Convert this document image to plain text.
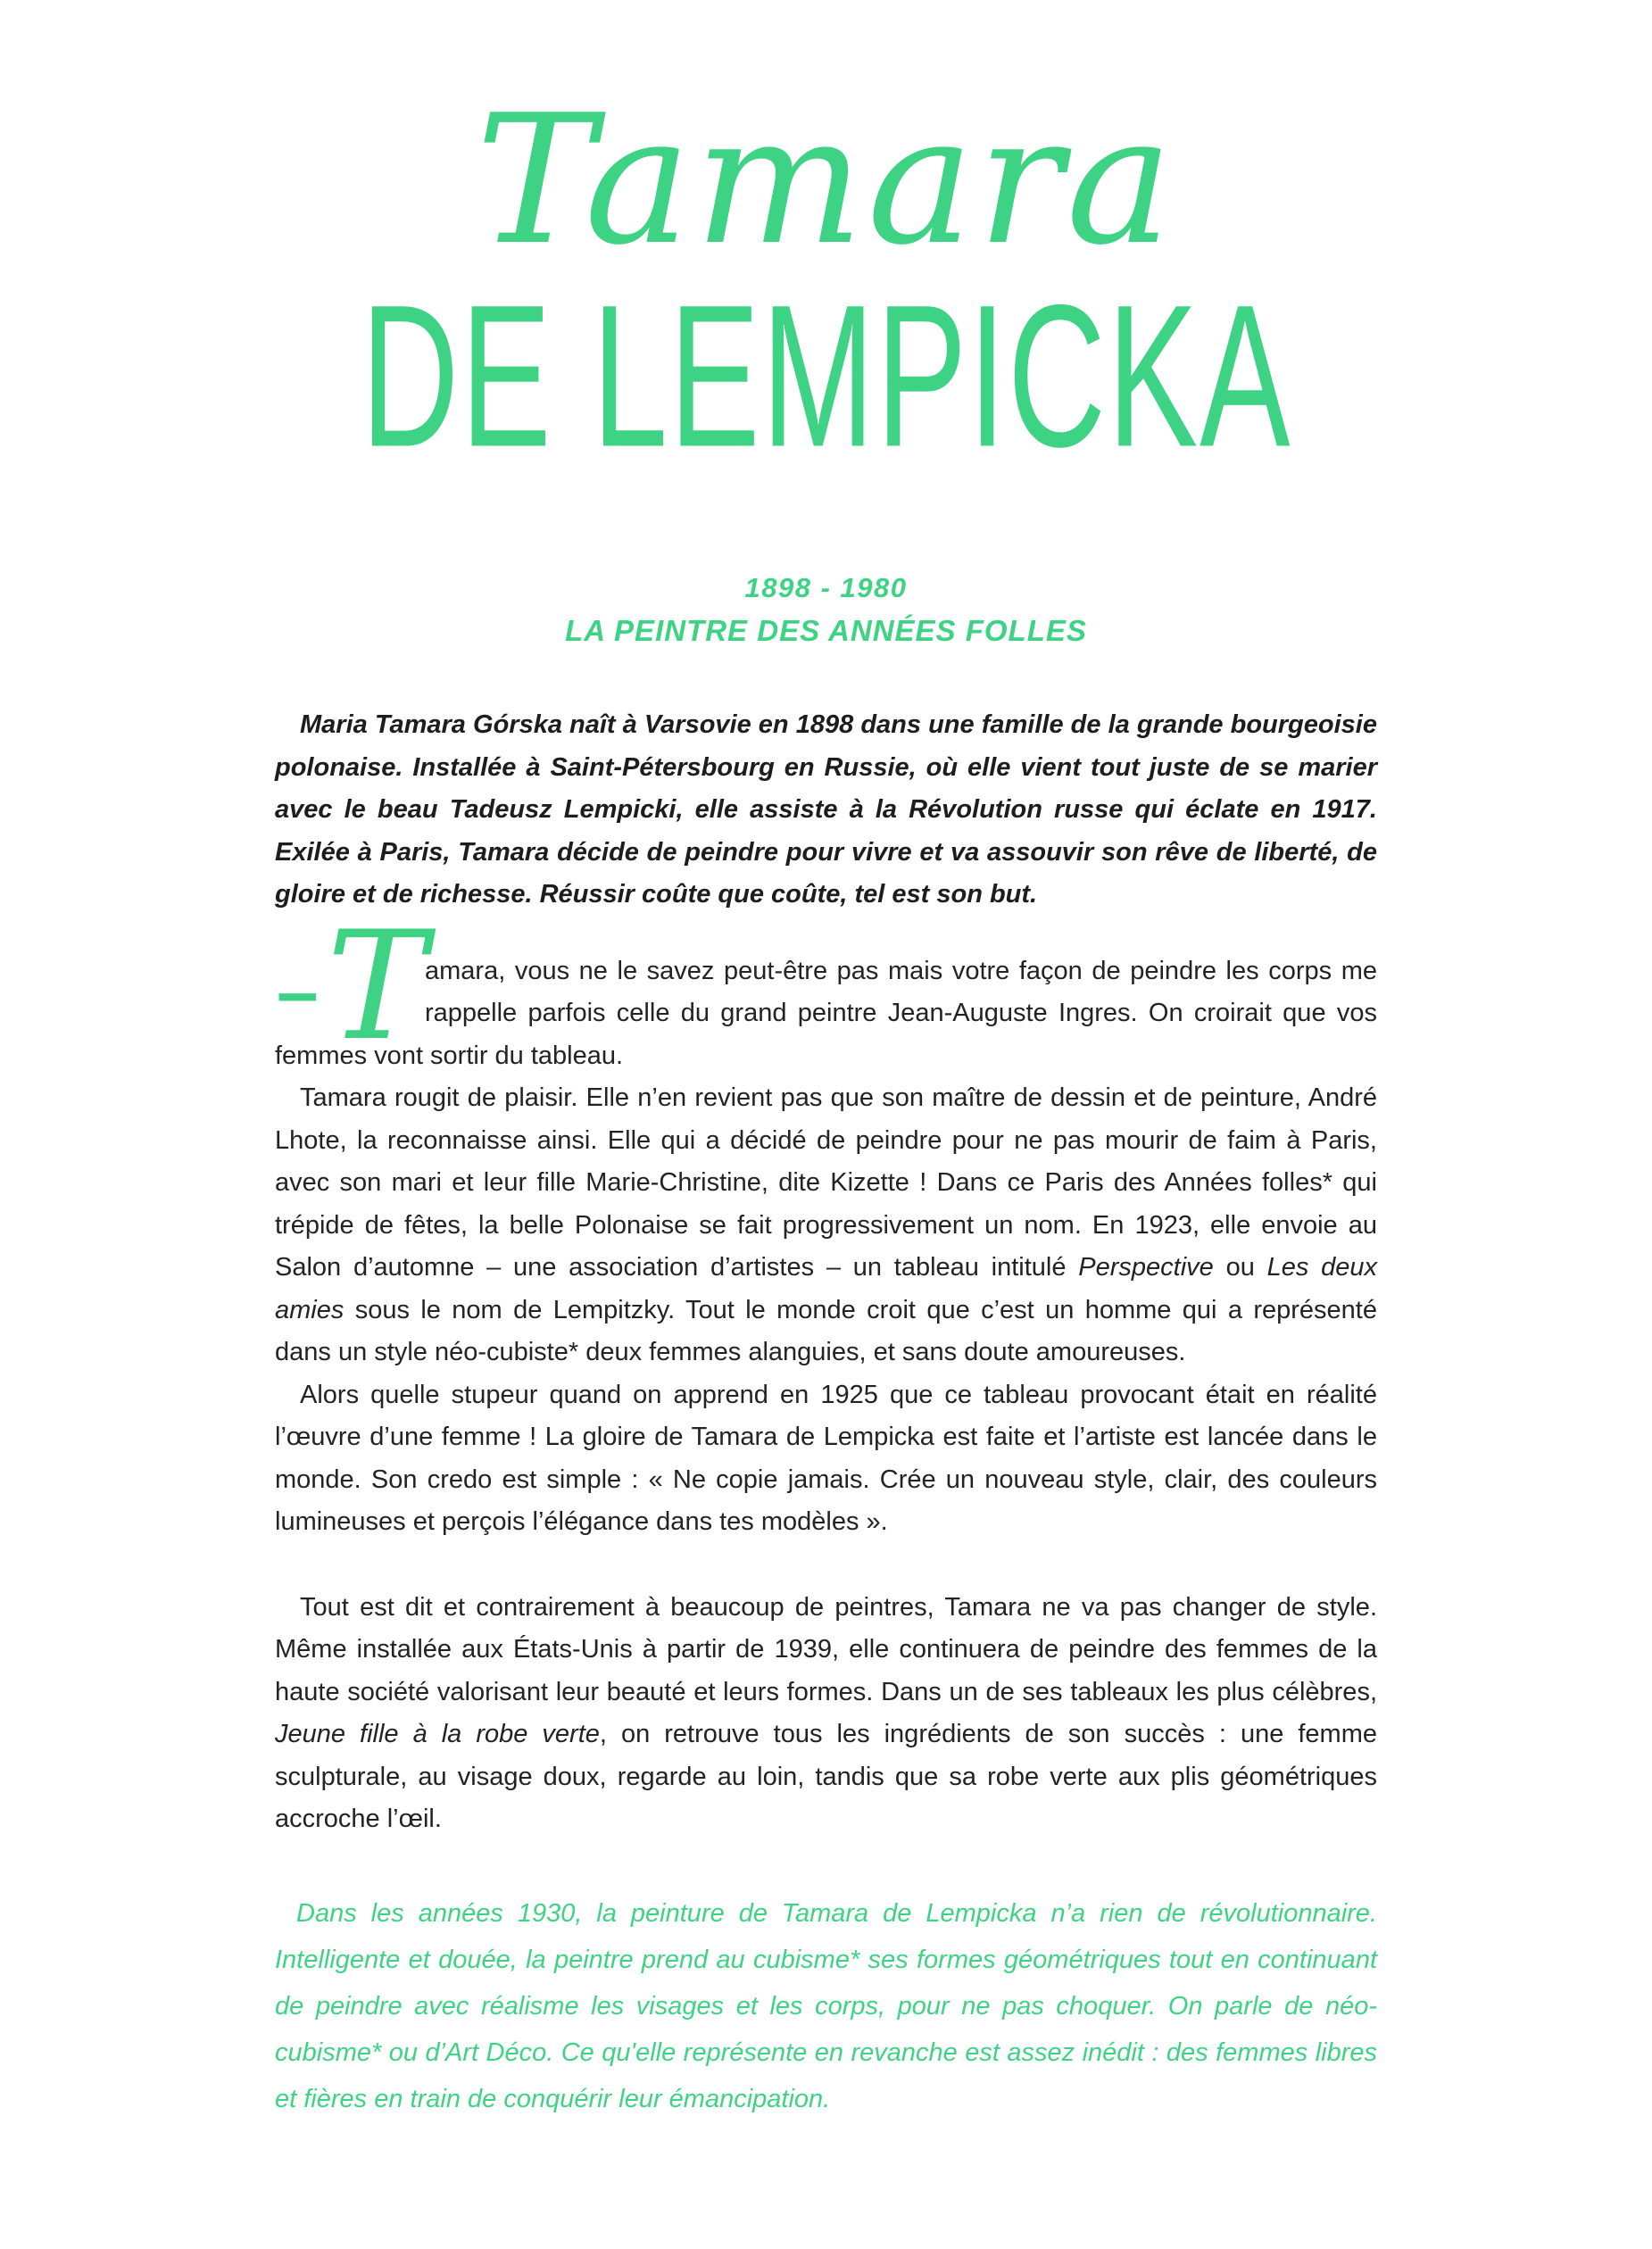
Tamara
DE LEMPICKA
1898 - 1980
LA PEINTRE DES ANNÉES FOLLES

Maria Tamara Górska naît à Varsovie en 1898 dans une famille de la grande bourgeoisie polonaise. Installée à Saint-Pétersbourg en Russie, où elle vient tout juste de se marier avec le beau Tadeusz Lempicki, elle assiste à la Révolution russe qui éclate en 1917. Exilée à Paris, Tamara décide de peindre pour vivre et va assouvir son rêve de liberté, de gloire et de richesse. Réussir coûte que coûte, tel est son but.

– T
amara, vous ne le savez peut-être pas mais votre façon de peindre les corps me rappelle parfois celle du grand peintre Jean-Auguste Ingres. On croirait que vos femmes vont sortir du tableau.

Tamara rougit de plaisir. Elle n’en revient pas que son maître de dessin et de peinture, André Lhote, la reconnaisse ainsi. Elle qui a décidé de peindre pour ne pas mourir de faim à Paris, avec son mari et leur fille Marie-Christine, dite Kizette ! Dans ce Paris des Années folles* qui trépide de fêtes, la belle Polonaise se fait progressivement un nom. En 1923, elle envoie au Salon d’automne – une association d’artistes – un tableau intitulé Perspective ou Les deux amies sous le nom de Lempitzky. Tout le monde croit que c’est un homme qui a représenté dans un style néo-cubiste* deux femmes alanguies, et sans doute amoureuses.

Alors quelle stupeur quand on apprend en 1925 que ce tableau provocant était en réalité l’œuvre d’une femme ! La gloire de Tamara de Lempicka est faite et l’artiste est lancée dans le monde. Son credo est simple : « Ne copie jamais. Crée un nouveau style, clair, des couleurs lumineuses et perçois l’élégance dans tes modèles ».

Tout est dit et contrairement à beaucoup de peintres, Tamara ne va pas changer de style. Même installée aux États-Unis à partir de 1939, elle continuera de peindre des femmes de la haute société valorisant leur beauté et leurs formes. Dans un de ses tableaux les plus célèbres, Jeune fille à la robe verte, on retrouve tous les ingrédients de son succès : une femme sculpturale, au visage doux, regarde au loin, tandis que sa robe verte aux plis géométriques accroche l’œil.

Dans les années 1930, la peinture de Tamara de Lempicka n’a rien de révolutionnaire. Intelligente et douée, la peintre prend au cubisme* ses formes géométriques tout en continuant de peindre avec réalisme les visages et les corps, pour ne pas choquer. On parle de néo-cubisme* ou d’Art Déco. Ce qu'elle représente en revanche est assez inédit : des femmes libres et fières en train de conquérir leur émancipation.
